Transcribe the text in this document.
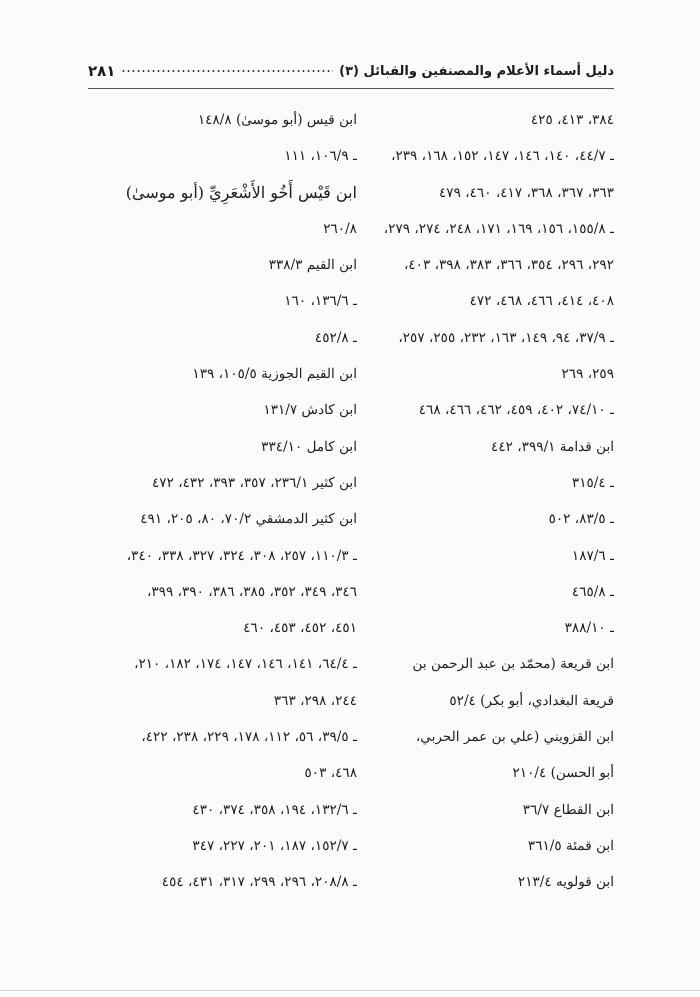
دليل أسماء الأعلام والمصنفين والقبائل (٣)
٢٨١
٣٨٤، ٤١٣، ٤٢٥
ـ ٤٤/٧، ١٤٠، ١٤٦، ١٤٧، ١٥٢، ١٦٨، ٢٣٩،
٣٦٣، ٣٦٧، ٣٦٨، ٤١٧، ٤٦٠، ٤٧٩
ـ ١٥٥/٨، ١٥٦، ١٦٩، ١٧١، ٢٤٨، ٢٧٤، ٢٧٩،
٢٩٢، ٢٩٦، ٣٥٤، ٣٦٦، ٣٨٣، ٣٩٨، ٤٠٣،
٤٠٨، ٤١٤، ٤٦٦، ٤٦٨، ٤٧٢
ـ ٣٧/٩، ٩٤، ١٤٩، ١٦٣، ٢٣٢، ٢٥٥، ٢٥٧،
٢٥٩، ٢٦٩
ـ ٧٤/١٠، ٤٠٢، ٤٥٩، ٤٦٢، ٤٦٦، ٤٦٨
ابن قدامة ٣٩٩/١، ٤٤٢
ـ ٣١٥/٤
ـ ٨٣/٥، ٥٠٢
ـ ١٨٧/٦
ـ ٤٦٥/٨
ـ ٣٨٨/١٠
ابن قريعة (محمّد بن عبد الرحمن بن
قريعة البغدادي، أبو بكر) ٥٢/٤
ابن القزويني (علي بن عمر الحربي،
أبو الحسن) ٢١٠/٤
ابن القطاع ٣٦/٧
ابن قمئة ٣٦١/٥
ابن قولويه ٢١٣/٤
ابن قيس (أبو موسىٰ) ١٤٨/٨
ـ ١٠٦/٩، ١١١
ابن قَيْس أَخُو الأَشْعَرِيِّ (أبو موسىٰ)
٢٦٠/٨
ابن القيم ٣٣٨/٣
ـ ١٣٦/٦، ١٦٠
ـ ٤٥٢/٨
ابن القيم الجوزية ١٠٥/٥، ١٣٩
ابن كادش ١٣١/٧
ابن كامل ٣٣٤/١٠
ابن كثير ٢٣٦/١، ٣٥٧، ٣٩٣، ٤٣٢، ٤٧٢
ابن كثير الدمشقي ٧٠/٢، ٨٠، ٢٠٥، ٤٩١
ـ ١١٠/٣، ٢٥٧، ٣٠٨، ٣٢٤، ٣٢٧، ٣٣٨، ٣٤٠،
٣٤٦، ٣٤٩، ٣٥٢، ٣٨٥، ٣٨٦، ٣٩٠، ٣٩٩،
٤٥١، ٤٥٢، ٤٥٣، ٤٦٠
ـ ٦٤/٤، ١٤١، ١٤٦، ١٤٧، ١٧٤، ١٨٢، ٢١٠،
٢٤٤، ٢٩٨، ٣٦٣
ـ ٣٩/٥، ٥٦، ١١٢، ١٧٨، ٢٢٩، ٢٣٨، ٤٢٢،
٤٦٨، ٥٠٣
ـ ١٣٢/٦، ١٩٤، ٣٥٨، ٣٧٤، ٤٣٠
ـ ١٥٢/٧، ١٨٧، ٢٠١، ٢٢٧، ٣٤٧
ـ ٢٠٨/٨، ٢٩٦، ٢٩٩، ٣١٧، ٤٣١، ٤٥٤
